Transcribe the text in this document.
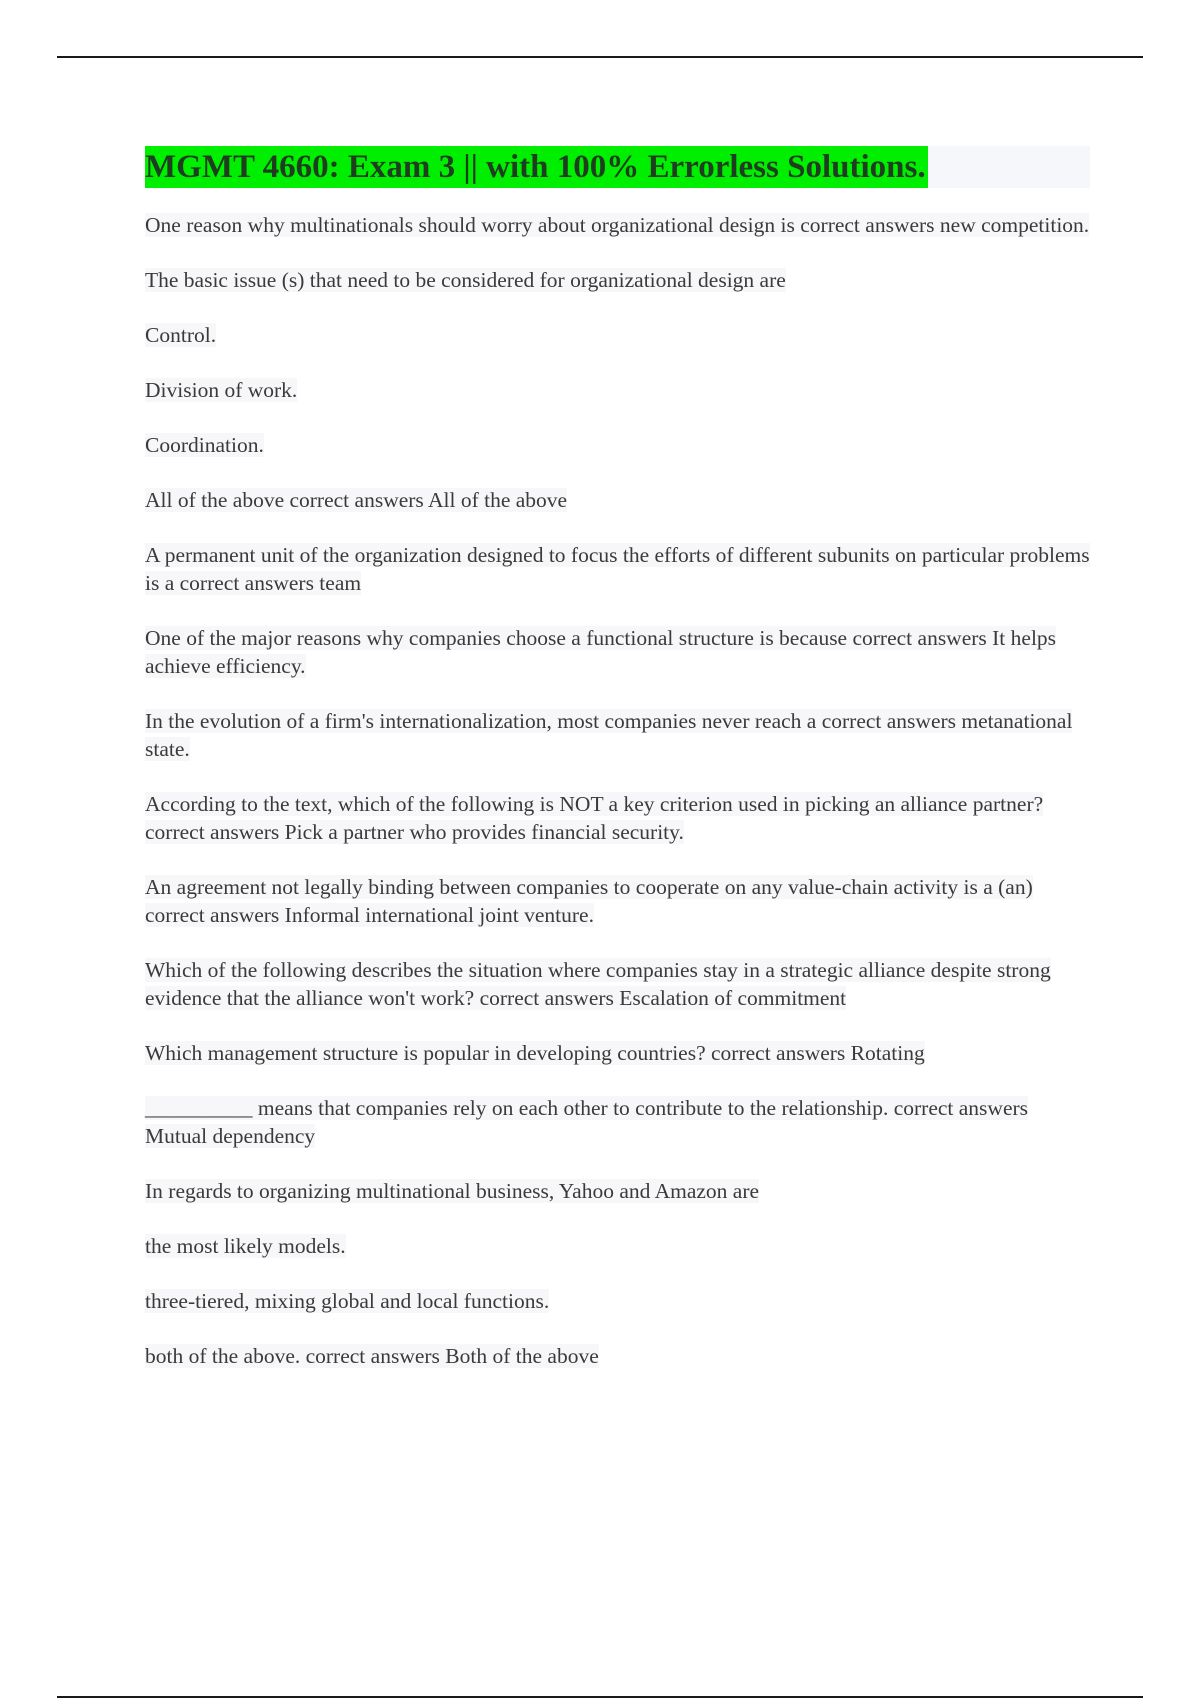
MGMT 4660: Exam 3 || with 100% Errorless Solutions.

One reason why multinationals should worry about organizational design is correct answers new competition.

The basic issue (s) that need to be considered for organizational design are

Control.

Division of work.

Coordination.

All of the above correct answers All of the above

A permanent unit of the organization designed to focus the efforts of different subunits on particular problems is a correct answers team

One of the major reasons why companies choose a functional structure is because correct answers It helps achieve efficiency.

In the evolution of a firm's internationalization, most companies never reach a correct answers metanational state.

According to the text, which of the following is NOT a key criterion used in picking an alliance partner? correct answers Pick a partner who provides financial security.

An agreement not legally binding between companies to cooperate on any value-chain activity is a (an) correct answers Informal international joint venture.

Which of the following describes the situation where companies stay in a strategic alliance despite strong evidence that the alliance won't work? correct answers Escalation of commitment

Which management structure is popular in developing countries? correct answers Rotating

__________ means that companies rely on each other to contribute to the relationship. correct answers Mutual dependency

In regards to organizing multinational business, Yahoo and Amazon are

the most likely models.

three-tiered, mixing global and local functions.

both of the above. correct answers Both of the above
